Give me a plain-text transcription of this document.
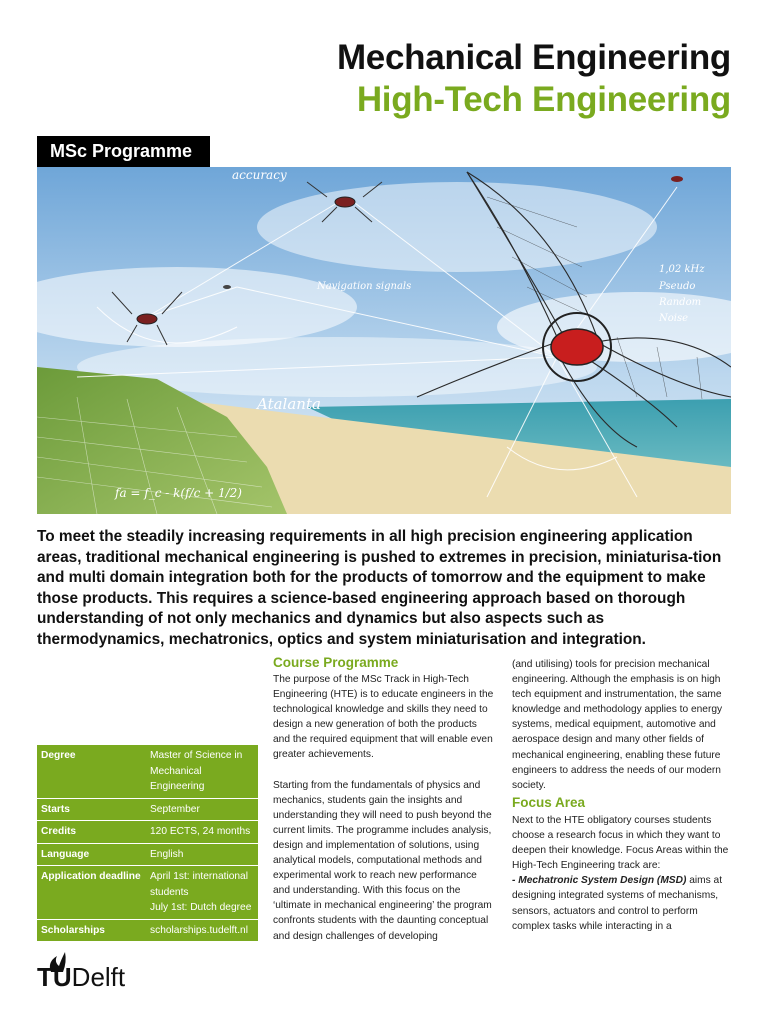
Mechanical Engineering
High-Tech Engineering
MSc Programme
accuracy
Navigation signals
Atalanta
1,02 kHz
Pseudo
Random
Noise
fa = f_c - k(f/c + 1/2)
To meet the steadily increasing requirements in all high precision engineering application areas, traditional mechanical engineering is pushed to extremes in precision, miniaturisa-tion and multi domain integration both for the products of tomorrow and the equipment to make those products. This requires a science-based engineering approach based on thorough understanding of not only mechanics and dynamics but also aspects such as thermodynamics, mechatronics, optics and system miniaturisation and integration.
Degree	Master of Science in Mechanical Engineering
Starts	September
Credits	120 ECTS, 24 months
Language	English
Application deadline	April 1st: international students
July 1st: Dutch degree
Scholarships	scholarships.tudelft.nl
Course Programme

The purpose of the MSc Track in High-Tech Engineering (HTE) is to educate engineers in the technological knowledge and skills they need to design a new generation of both the products and the required equipment that will enable even greater achievements.

Starting from the fundamentals of physics and mechanics, students gain the insights and understanding they will need to push beyond the current limits. The programme includes analysis, design and implementation of solutions, using analytical models, computational methods and experimental work to reach new performance and understanding. With this focus on the ‘ultimate in mechanical engineering’ the program confronts students with the daunting conceptual and design challenges of developing

(and utilising) tools for precision mechanical engineering. Although the emphasis is on high tech equipment and instrumentation, the same knowledge and methodology applies to energy systems, medical equipment, automotive and aerospace design and many other fields of mechanical engineering, enabling these future engineers to address the needs of our modern society.

Focus Area

Next to the HTE obligatory courses students choose a research focus in which they want to deepen their knowledge. Focus Areas within the High-Tech Engineering track are:

- Mechatronic System Design (MSD) aims at designing integrated systems of mechanisms, sensors, actuators and control to perform complex tasks while interacting in a

TUDelft
